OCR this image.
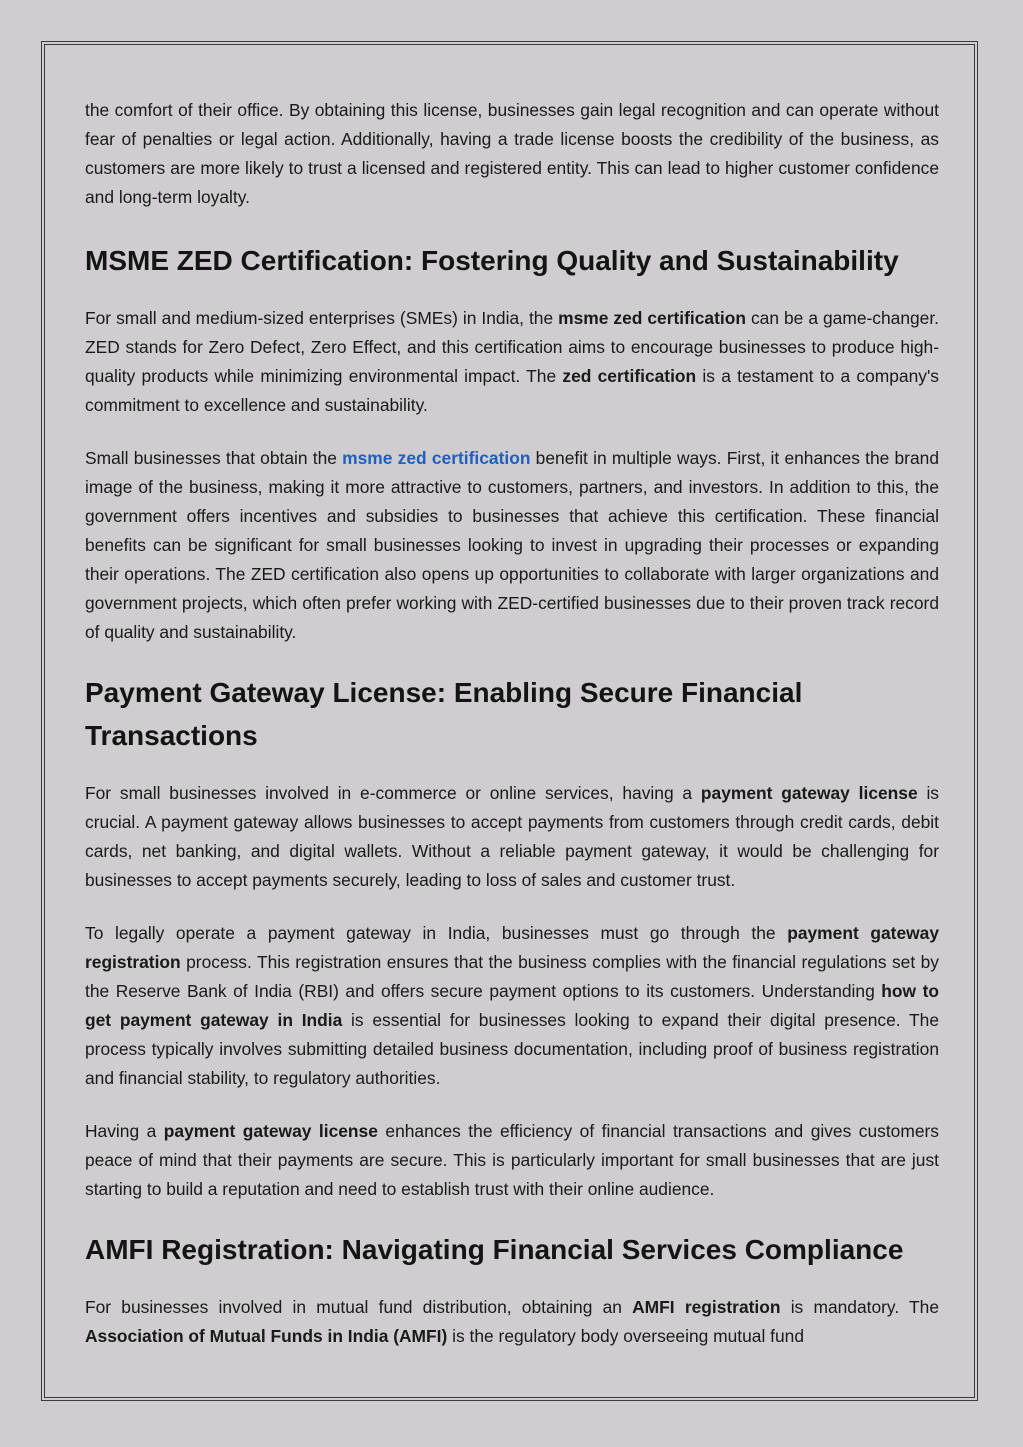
the comfort of their office. By obtaining this license, businesses gain legal recognition and can operate without fear of penalties or legal action. Additionally, having a trade license boosts the credibility of the business, as customers are more likely to trust a licensed and registered entity. This can lead to higher customer confidence and long-term loyalty.

MSME ZED Certification: Fostering Quality and Sustainability

For small and medium-sized enterprises (SMEs) in India, the msme zed certification can be a game-changer. ZED stands for Zero Defect, Zero Effect, and this certification aims to encourage businesses to produce high-quality products while minimizing environmental impact. The zed certification is a testament to a company's commitment to excellence and sustainability.

Small businesses that obtain the msme zed certification benefit in multiple ways. First, it enhances the brand image of the business, making it more attractive to customers, partners, and investors. In addition to this, the government offers incentives and subsidies to businesses that achieve this certification. These financial benefits can be significant for small businesses looking to invest in upgrading their processes or expanding their operations. The ZED certification also opens up opportunities to collaborate with larger organizations and government projects, which often prefer working with ZED-certified businesses due to their proven track record of quality and sustainability.

Payment Gateway License: Enabling Secure Financial Transactions

For small businesses involved in e-commerce or online services, having a payment gateway license is crucial. A payment gateway allows businesses to accept payments from customers through credit cards, debit cards, net banking, and digital wallets. Without a reliable payment gateway, it would be challenging for businesses to accept payments securely, leading to loss of sales and customer trust.

To legally operate a payment gateway in India, businesses must go through the payment gateway registration process. This registration ensures that the business complies with the financial regulations set by the Reserve Bank of India (RBI) and offers secure payment options to its customers. Understanding how to get payment gateway in India is essential for businesses looking to expand their digital presence. The process typically involves submitting detailed business documentation, including proof of business registration and financial stability, to regulatory authorities.

Having a payment gateway license enhances the efficiency of financial transactions and gives customers peace of mind that their payments are secure. This is particularly important for small businesses that are just starting to build a reputation and need to establish trust with their online audience.

AMFI Registration: Navigating Financial Services Compliance

For businesses involved in mutual fund distribution, obtaining an AMFI registration is mandatory. The Association of Mutual Funds in India (AMFI) is the regulatory body overseeing mutual fund
